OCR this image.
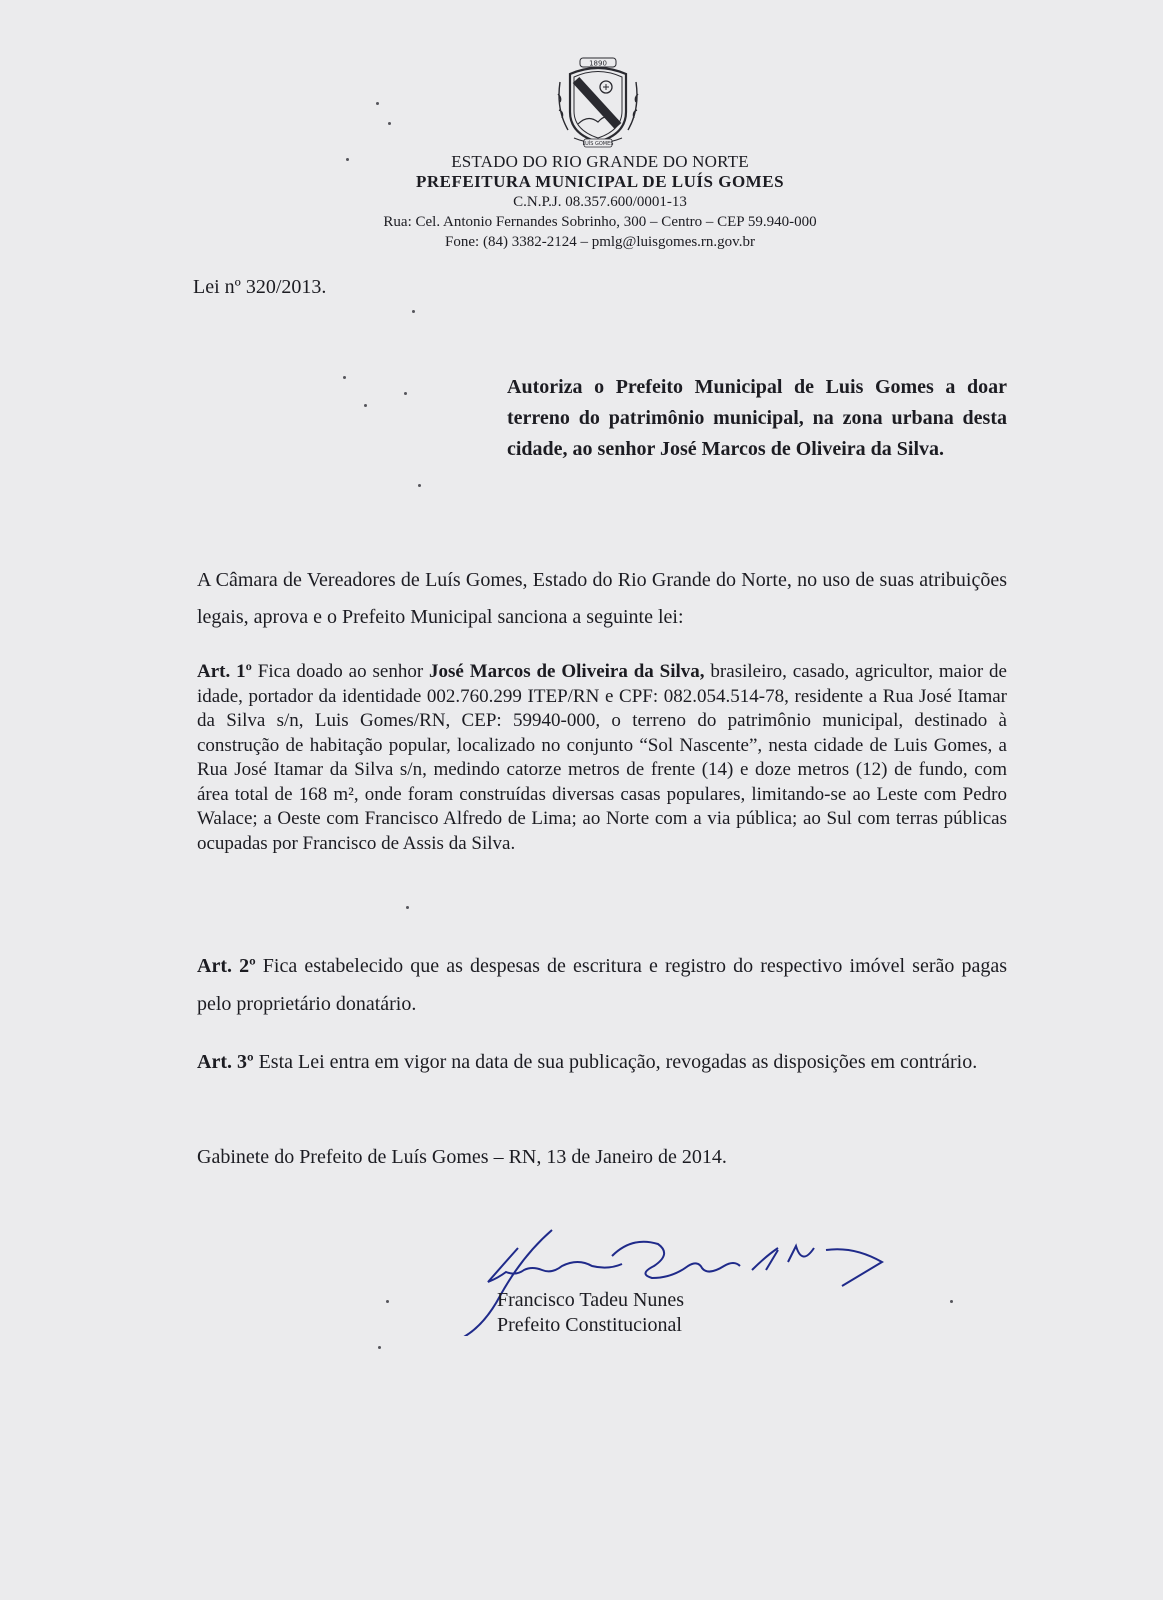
1890
LUÍS GOMES
ESTADO DO RIO GRANDE DO NORTE
PREFEITURA MUNICIPAL DE LUÍS GOMES
C.N.P.J. 08.357.600/0001-13
Rua: Cel. Antonio Fernandes Sobrinho, 300 – Centro – CEP 59.940-000
Fone: (84) 3382-2124 – pmlg@luisgomes.rn.gov.br
Lei nº 320/2013.
Autoriza o Prefeito Municipal de Luis Gomes a doar terreno do patrimônio municipal, na zona urbana desta cidade, ao senhor José Marcos de Oliveira da Silva.
A Câmara de Vereadores de Luís Gomes, Estado do Rio Grande do Norte, no uso de suas atribuições legais, aprova e o Prefeito Municipal sanciona a seguinte lei:
Art. 1º Fica doado ao senhor José Marcos de Oliveira da Silva, brasileiro, casado, agricultor, maior de idade, portador da identidade 002.760.299 ITEP/RN e CPF: 082.054.514-78, residente a Rua José Itamar da Silva s/n, Luis Gomes/RN, CEP: 59940-000, o terreno do patrimônio municipal, destinado à construção de habitação popular, localizado no conjunto “Sol Nascente”, nesta cidade de Luis Gomes, a Rua José Itamar da Silva s/n, medindo catorze metros de frente (14) e doze metros (12) de fundo, com área total de 168 m², onde foram construídas diversas casas populares, limitando-se ao Leste com Pedro Walace; a Oeste com Francisco Alfredo de Lima; ao Norte com a via pública; ao Sul com terras públicas ocupadas por Francisco de Assis da Silva.
Art. 2º Fica estabelecido que as despesas de escritura e registro do respectivo imóvel serão pagas pelo proprietário donatário.
Art. 3º Esta Lei entra em vigor na data de sua publicação, revogadas as disposições em contrário.
Gabinete do Prefeito de Luís Gomes – RN, 13 de Janeiro de 2014.
Francisco Tadeu Nunes
Prefeito Constitucional
